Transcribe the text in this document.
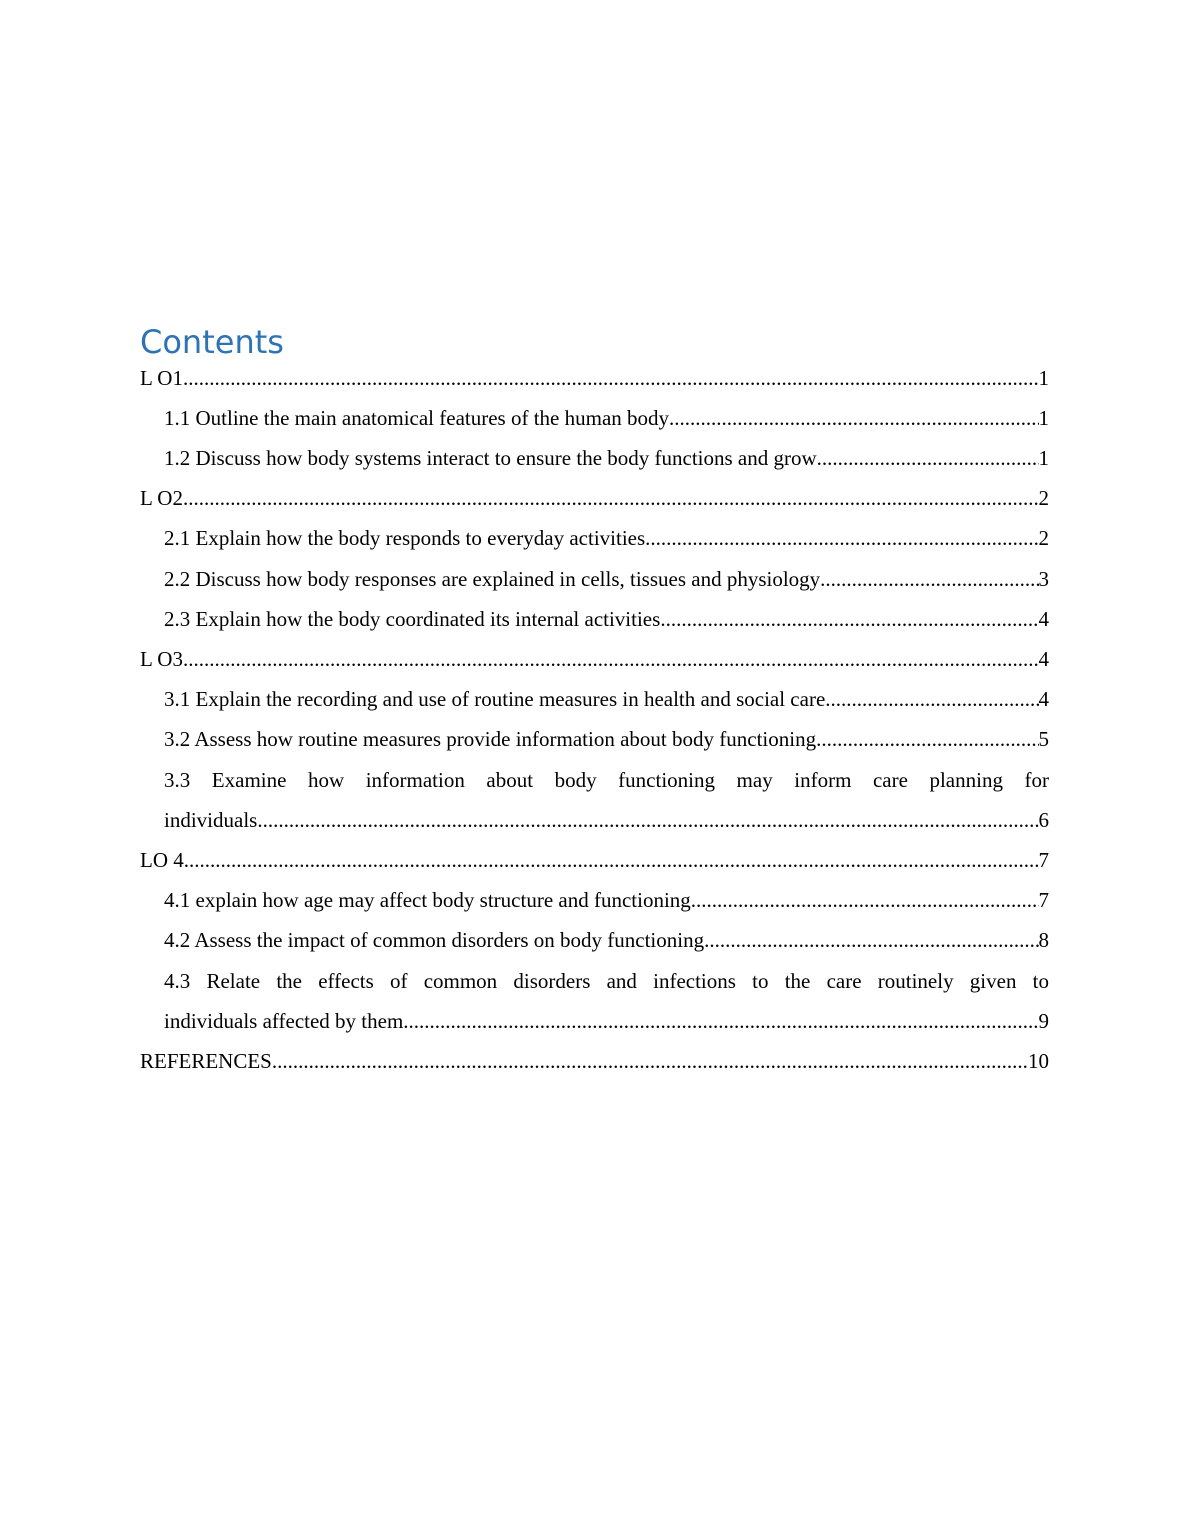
Contents
L O1 .....	1
1.1 Outline the main anatomical features of the human body .....	1
1.2 Discuss how body systems interact to ensure the body functions and grow .....	1
L O2 .....	2
2.1 Explain how the body responds to everyday activities .....	2
2.2 Discuss how body responses are explained in cells, tissues and physiology .....	3
2.3 Explain how the body coordinated its internal activities .....	4
L O3 .....	4
3.1 Explain the recording and use of routine measures in health and social care .....	4
3.2 Assess how routine measures provide information about body functioning .....	5
3.3 Examine how information about body functioning may inform care planning for
individuals .....	6
LO 4 .....	7
4.1 explain how age may affect body structure and functioning .....	7
4.2 Assess the impact of common disorders on body functioning .....	8
4.3 Relate the effects of common disorders and infections to the care routinely given to
individuals affected by them .....	9
REFERENCES .....	10
